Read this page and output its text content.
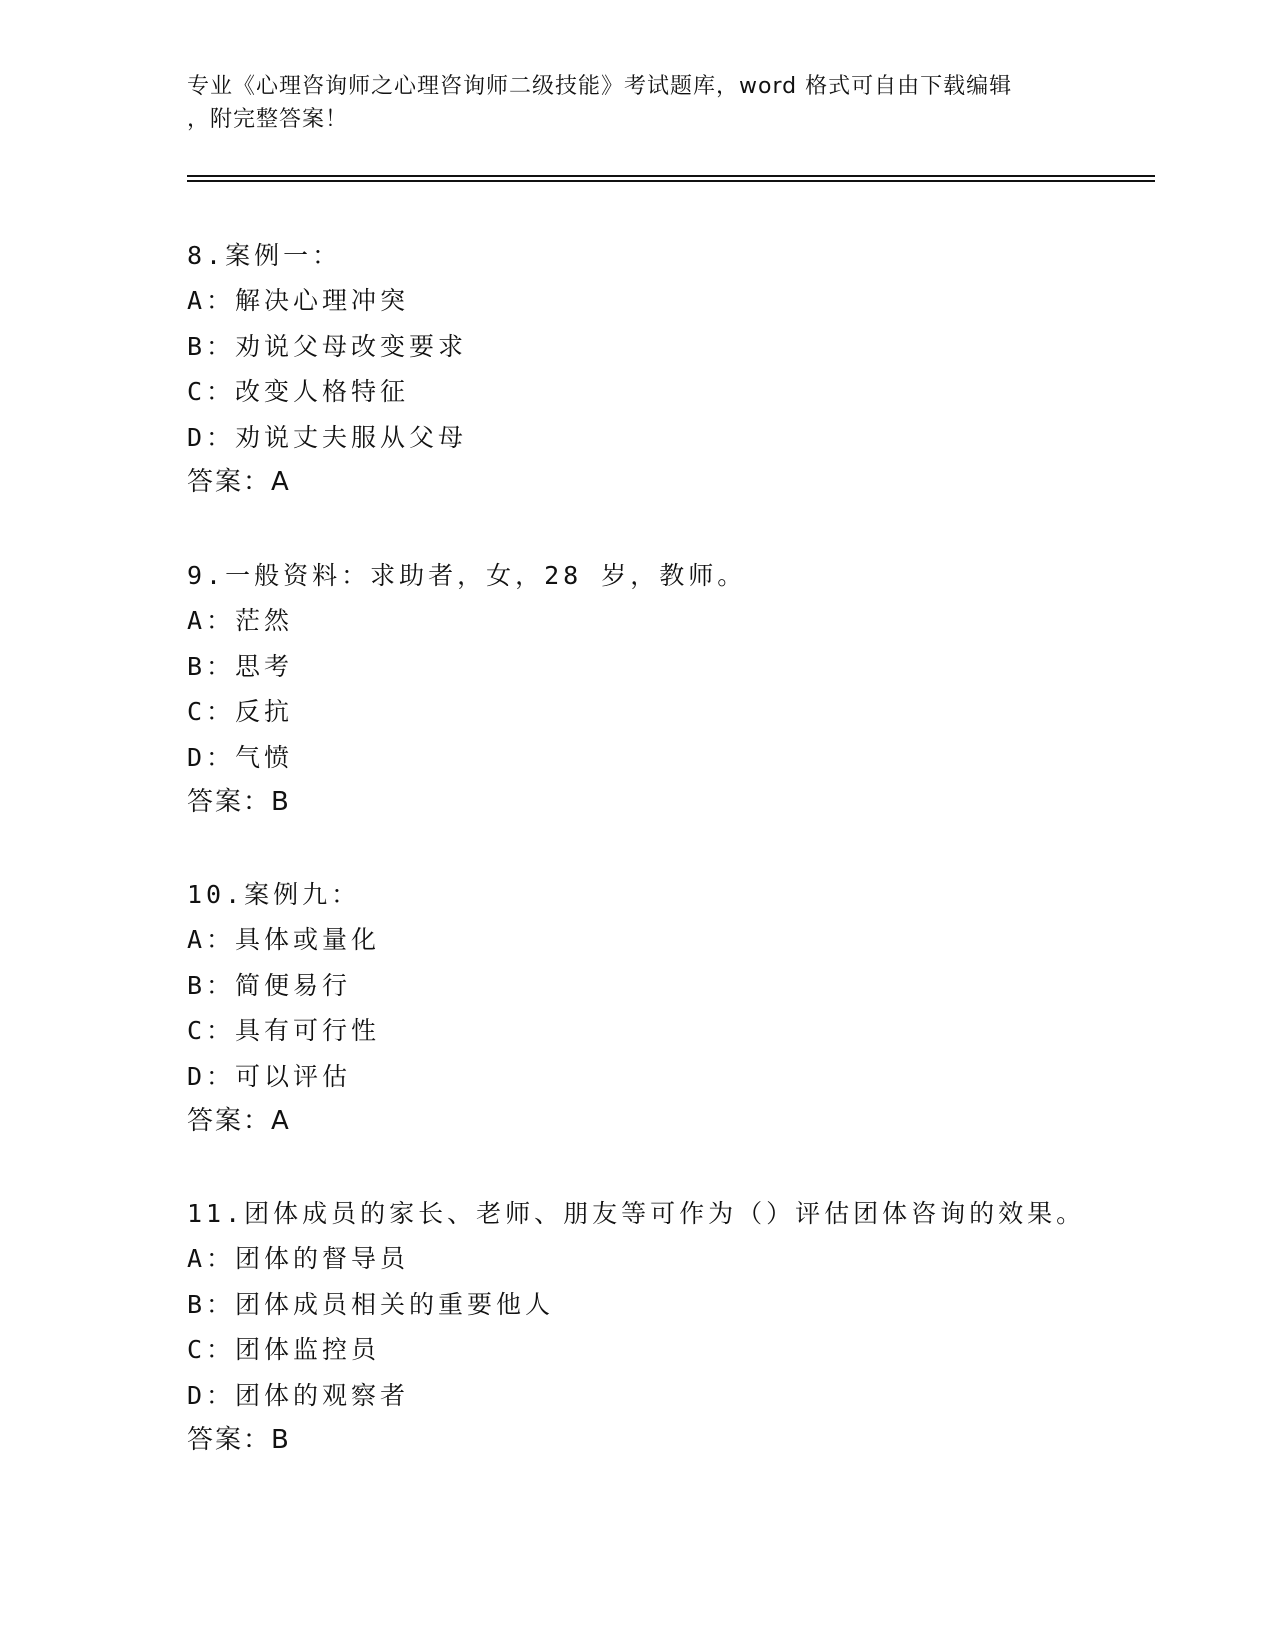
专业《心理咨询师之心理咨询师二级技能》考试题库，word 格式可自由下载编辑
，附完整答案！
8.案例一：
A：解决心理冲突
B：劝说父母改变要求
C：改变人格特征
D：劝说丈夫服从父母
答案：A
9.一般资料：求助者，女，28 岁，教师。
A：茫然
B：思考
C：反抗
D：气愤
答案：B
10.案例九：
A：具体或量化
B：简便易行
C：具有可行性
D：可以评估
答案：A
11.团体成员的家长、老师、朋友等可作为（）评估团体咨询的效果。
A：团体的督导员
B：团体成员相关的重要他人
C：团体监控员
D：团体的观察者
答案：B
